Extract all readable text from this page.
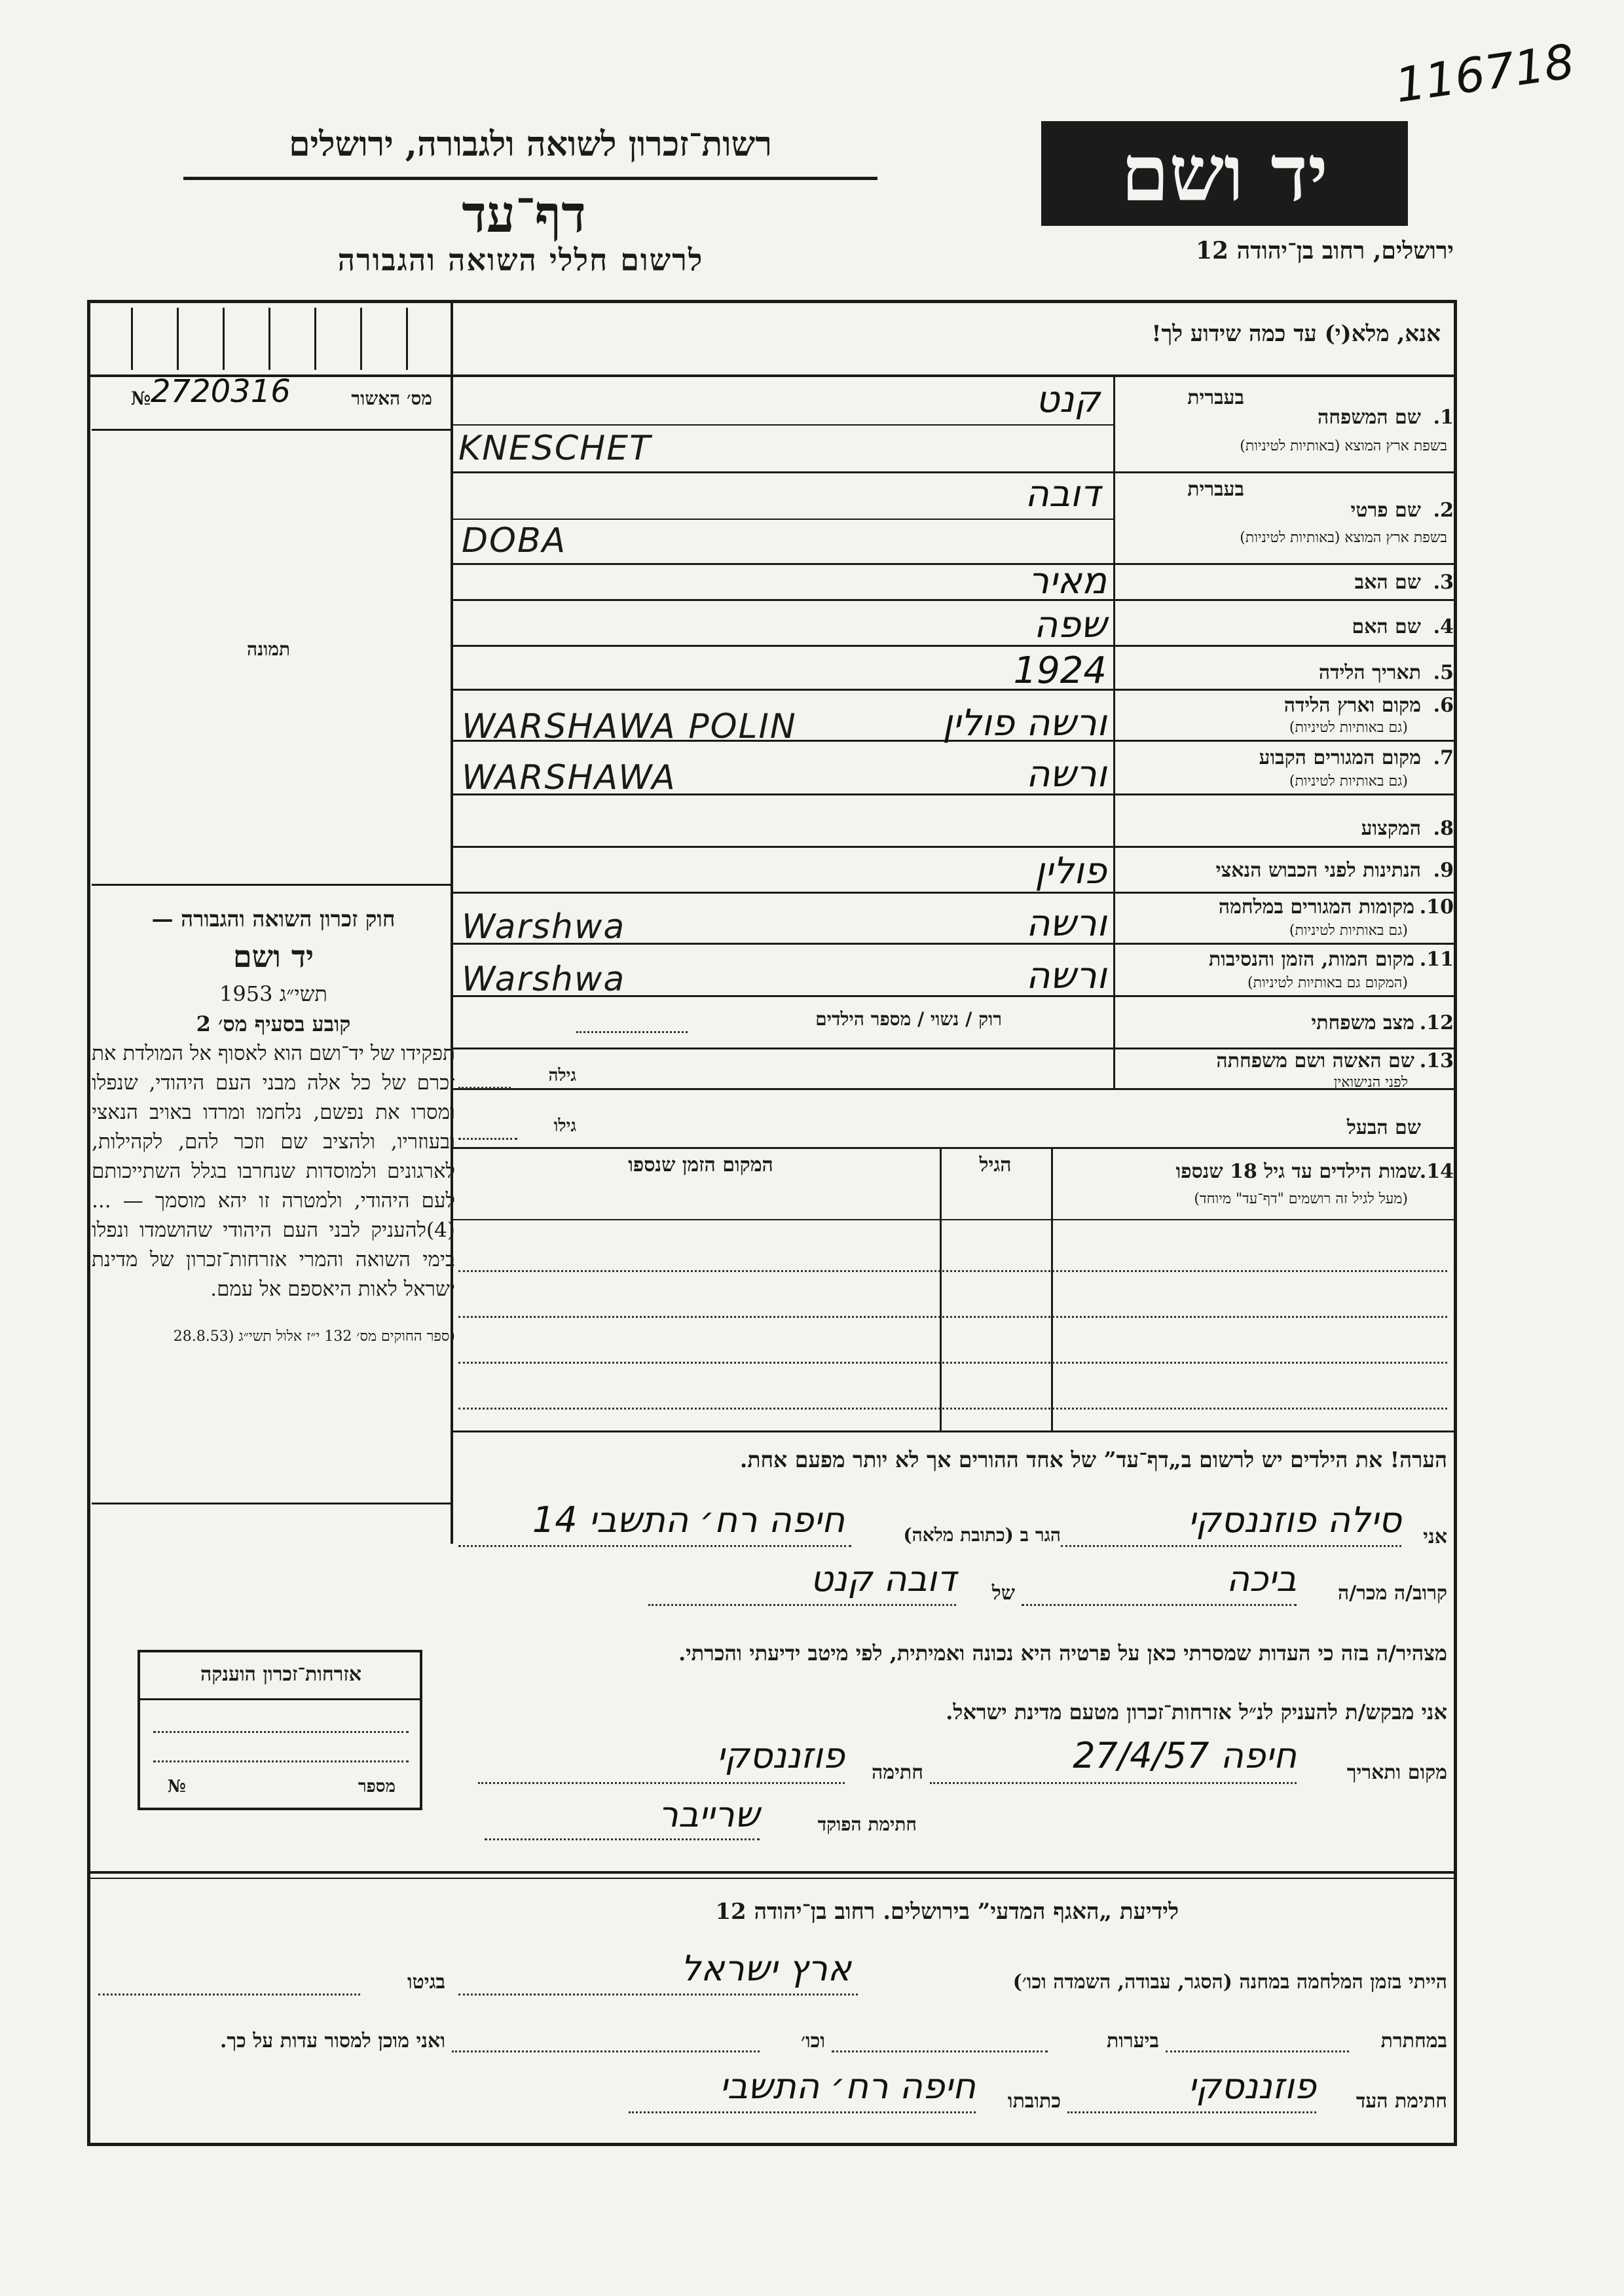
116718
יד ושם
ירושלים, רחוב בן־יהודה 12
רשות־זכרון לשואה ולגבורה, ירושלים
דף־עד
לרשום חללי השואה והגבורה
אנא, מלא(י) עד כמה שידוע לך!
מס׳ האשור
№ 2720316
תמונה
בעברית
שם המשפחה 1.
בשפת ארץ המוצא (באותיות לטיניות)
קנט
KNESCHET
בעברית
שם פרטי 2.
בשפת ארץ המוצא (באותיות לטיניות)
דובה
DOBA
שם האב 3.
מאיר
שם האם 4.
שפה
תאריך הלידה 5.
1924
מקום וארץ הלידה 6.
(גם באותיות לטיניות)
ורשה פולין
WARSHAWA POLIN
מקום המגורים הקבוע 7.
(גם באותיות לטיניות)
ורשה
WARSHAWA
המקצוע 8.
הנתינות לפני הכבוש הנאצי 9.
פולין
מקומות המגורים במלחמה 10.
(גם באותיות לטיניות)
ורשה
Warshwa
מקום המות, הזמן והנסיבות 11.
(המקום גם באותיות לטיניות)
ורשה
Warshwa
מצב משפחתי 12.
רוק / נשוי / מספר הילדים
שם האשה ושם משפחתה 13.
לפני הנישואין
גילה
שם הבעל
גילו
שמות הילדים עד גיל 18 שנספו
14.
(מעל לגיל זה רושמים "דף־עד" מיוחד)
הגיל
המקום הזמן שנספו
חוק זכרון השואה והגבורה —
יד ושם
תשי״ג 1953
קובע בסעיף מס׳ 2
תפקידו של יד־ושם הוא לאסוף אל המולדת את זכרם של כל אלה מבני העם היהודי, שנפלו ומסרו את נפשם, נלחמו ומרדו באויב הנאצי ובעוזריו, ולהציב שם וזכר להם, לקהילות, לארגונים ולמוסדות שנחרבו בגלל השתייכותם לעם היהודי, ולמטרה זו יהא מוסמך — ...(4)להעניק לבני העם היהודי שהושמדו ונפלו בימי השואה והמרי אזרחות־זכרון של מדינת ישראל לאות היאספם אל עמם.
(ספר החוקים מס׳ 132 י״ז אלול תשי״ג (28.8.53
הערה! את הילדים יש לרשום ב„דף־עד” של אחד ההורים אך לא יותר מפעם אחת.
אני
סילה פוזננסקי
הגר ב (כתובת מלאה)
חיפה רח׳ התשבי 14
קרוב/ה מכר/ה
ביכה
של
דובה קנט
מצהיר/ה בזה כי העדות שמסרתי כאן על פרטיה היא נכונה ואמיתית, לפי מיטב ידיעתי והכרתי.
אני מבקש/ת להעניק לנ״ל אזרחות־זכרון מטעם מדינת ישראל.
מקום ותאריך
חיפה 27/4/57
חתימה
פוזננסקי
חתימת הפוקד
שרייבר
אזרחות־זכרון הוענקה
מספר
№
לידיעת „האגף המדעי” בירושלים. רחוב בן־יהודה 12
הייתי בזמן המלחמה במחנה (הסגר, עבודה, השמדה וכו׳)
ארץ ישראל
בגיטו
במחתרת
ביערות
וכו׳
ואני מוכן למסור עדות על כך.
חתימת העד
פוזננסקי
כתובתו
חיפה רח׳ התשבי
